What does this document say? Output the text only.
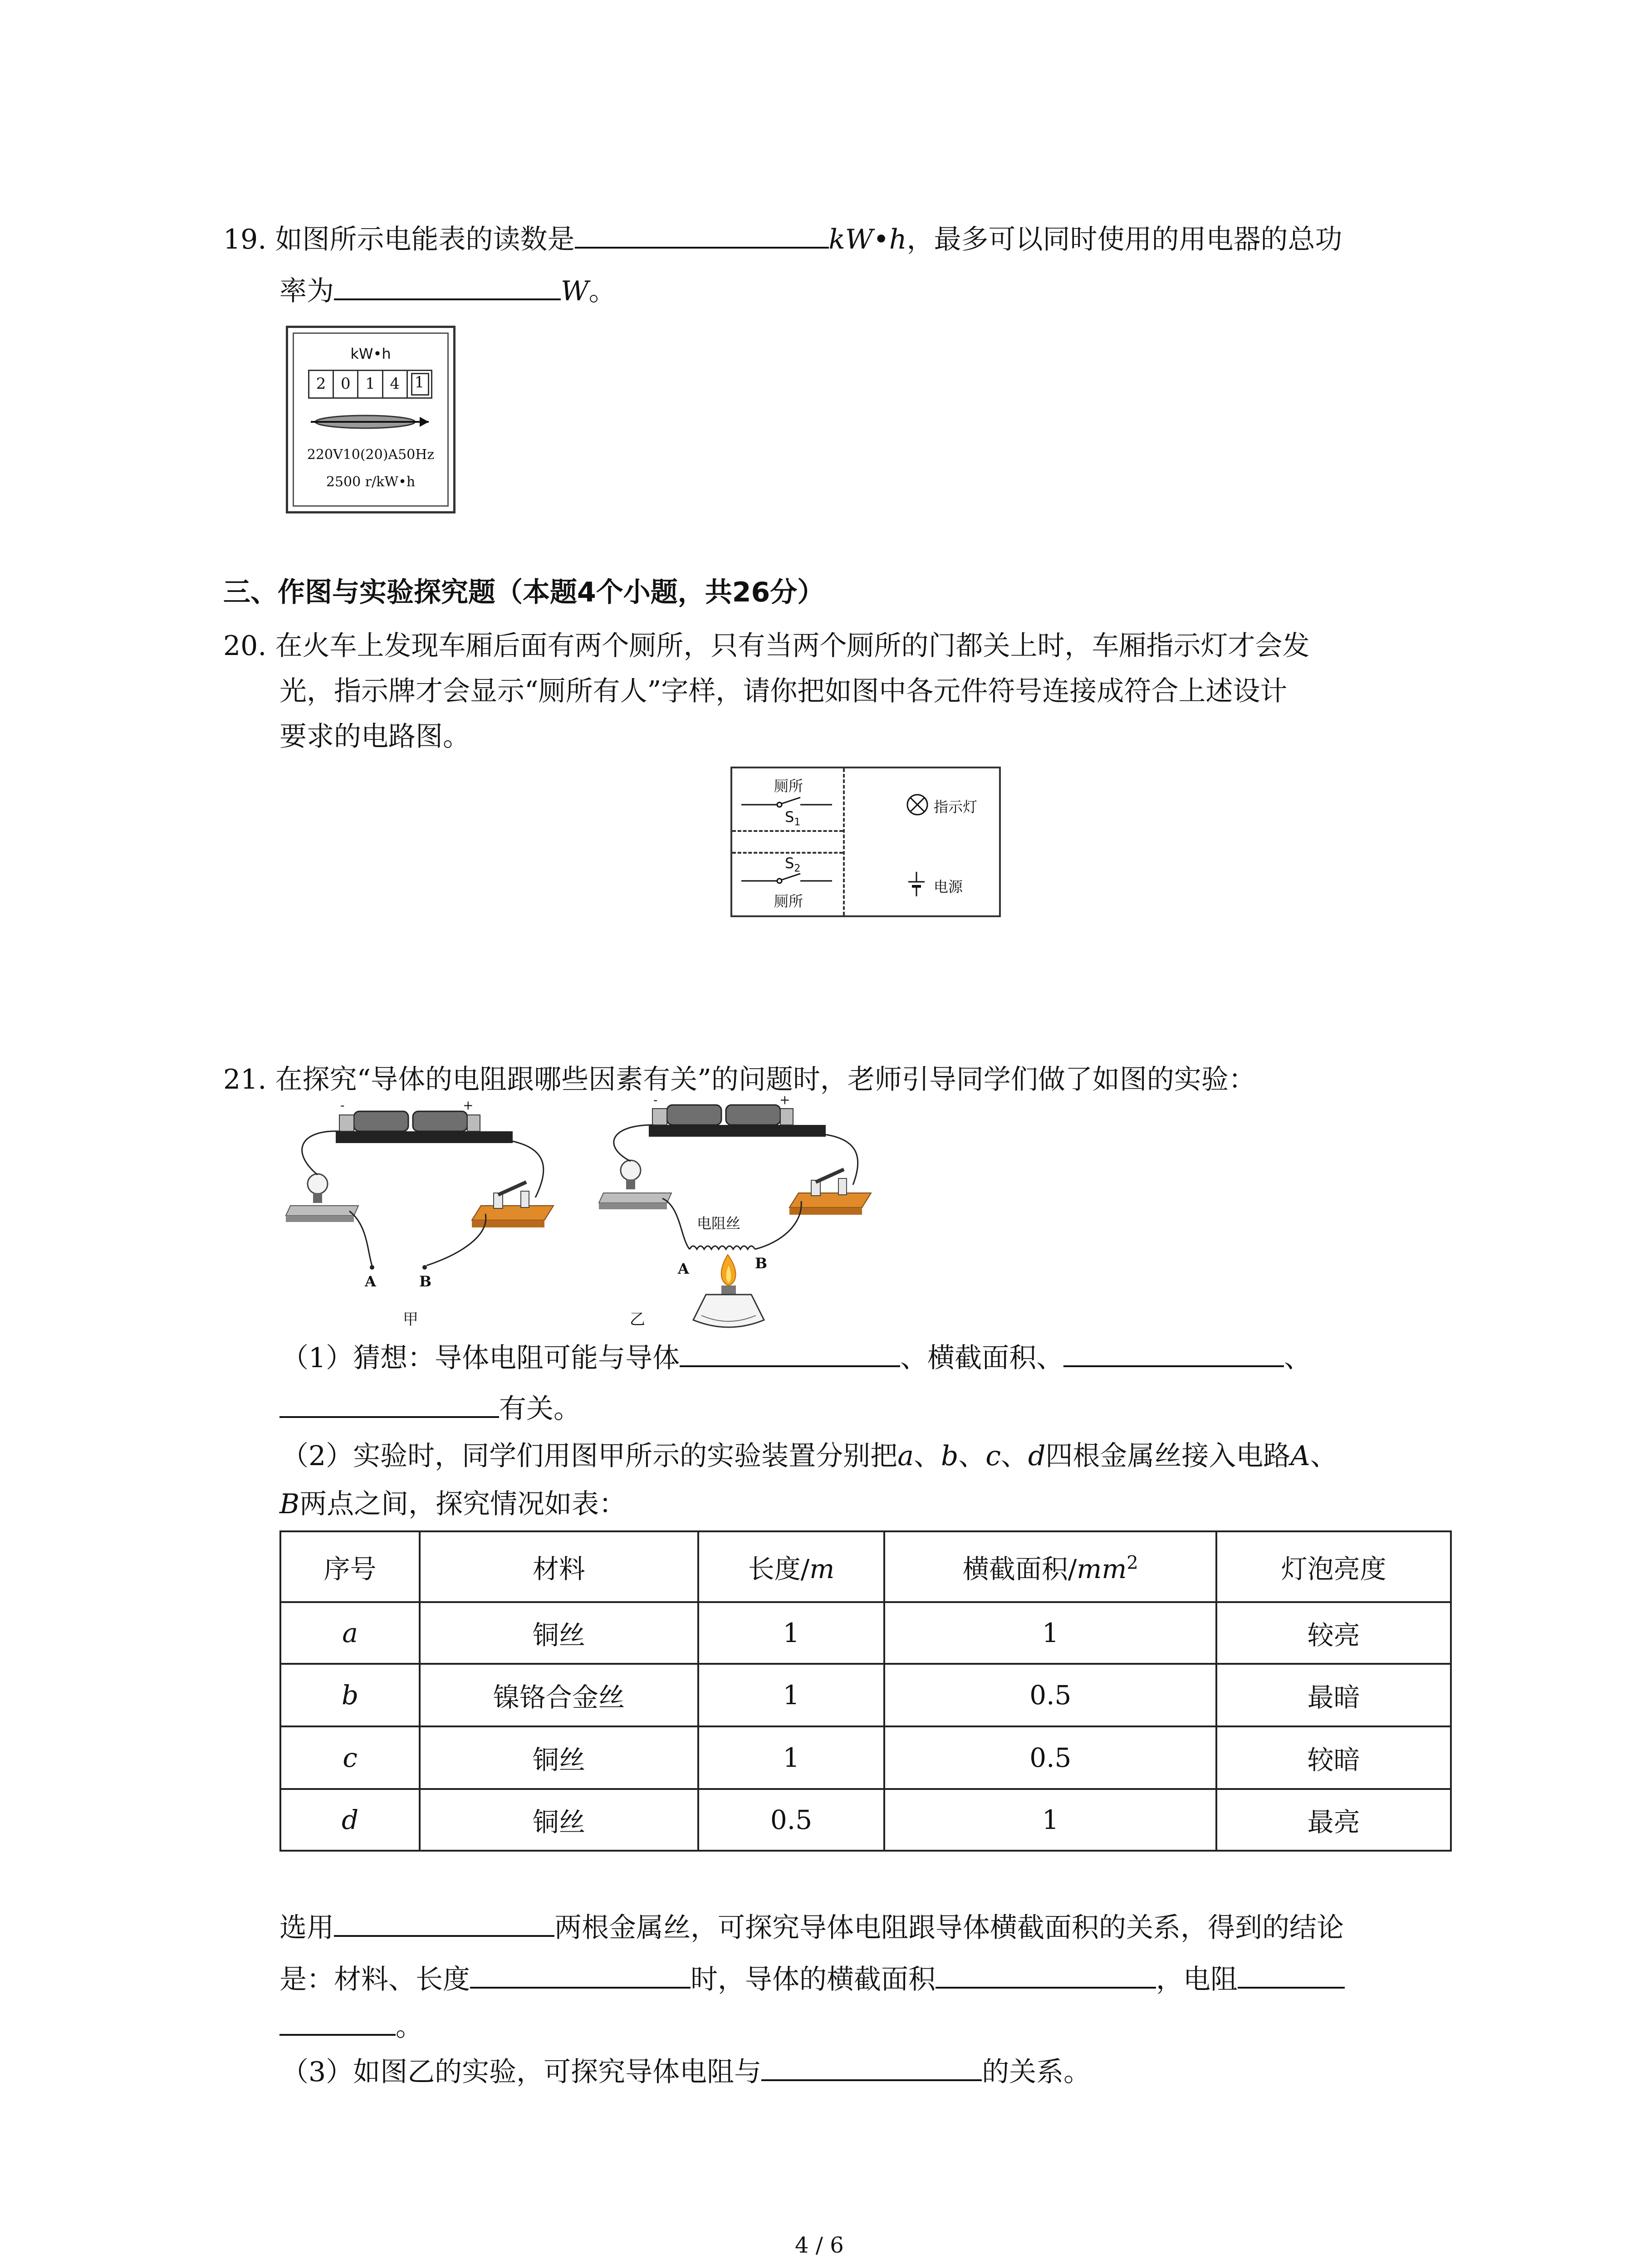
19. 如图所示电能表的读数是	kW•h，最多可以同时使用的用电器的总功
率为	W。
kW•h
2 0 1 4 1
220V10(20)A50Hz
2500 r/kW•h
三、作图与实验探究题（本题4个小题，共26分）
20. 在火车上发现车厢后面有两个厕所，只有当两个厕所的门都关上时，车厢指示灯才会发
光，指示牌才会显示“厕所有人”字样，请你把如图中各元件符号连接成符合上述设计
要求的电路图。
厕所
$S_1$
$S_2$
厕所
指示灯
电源
21. 在探究“导体的电阻跟哪些因素有关”的问题时，老师引导同学们做了如图的实验：
-	+
A	B
甲
-	+
电阻丝
A	B
乙
（1）猜想：导体电阻可能与导体	、横截面积、	、
有关。
（2）实验时，同学们用图甲所示的实验装置分别把a、b、c、d四根金属丝接入电路A、
B两点之间，探究情况如表：
序号	材料	长度/m	横截面积$/mm^2$	灯泡亮度
a	铜丝	1	1	较亮
b	镍铬合金丝	1	0.5	最暗
c	铜丝	1	0.5	较暗
d	铜丝	0.5	1	最亮
选用	两根金属丝，可探究导体电阻跟导体横截面积的关系，得到的结论
是：材料、长度	时，导体的横截面积	，电阻
。
（3）如图乙的实验，可探究导体电阻与	的关系。
4 / 6
